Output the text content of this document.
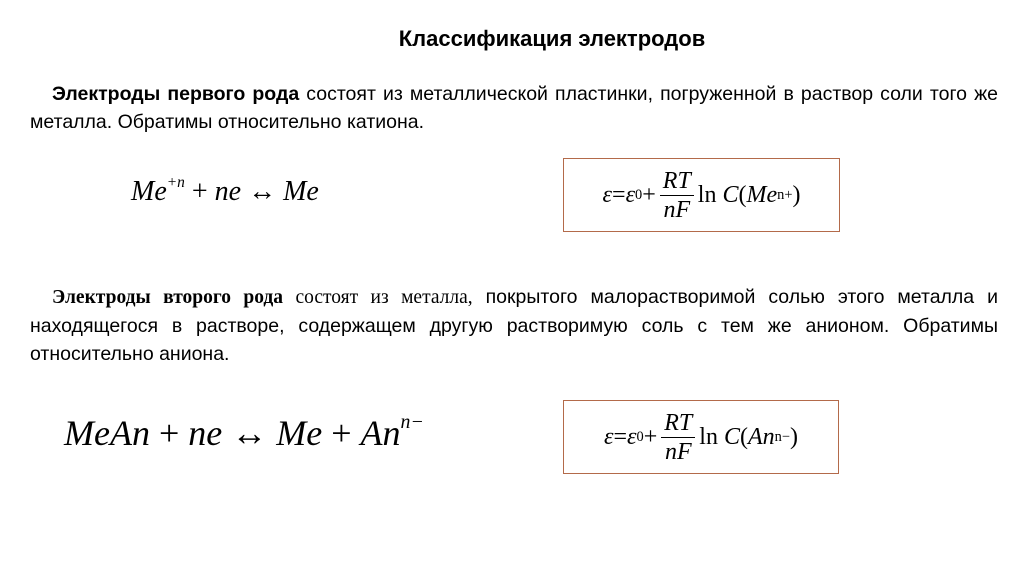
Классификация электродов
Электроды первого рода состоят из металлической пластинки, погруженной в раствор соли того же металла. Обратимы относительно катиона.
$Me^{+n}$ + ne ↔ Me	ε = ε $0 + \frac{RT}{nF}$ ln C ( Me n+ )
Электроды второго рода состоят из металла, покрытого малорастворимой солью этого металла и находящегося в растворе, содержащем другую растворимую соль с тем же анионом. Обратимы относительно аниона.
MeAn + ne ↔ $Me + An^{n-}$
ε = ε $0 + \frac{RT}{nF}$ ln C ( An n− )
